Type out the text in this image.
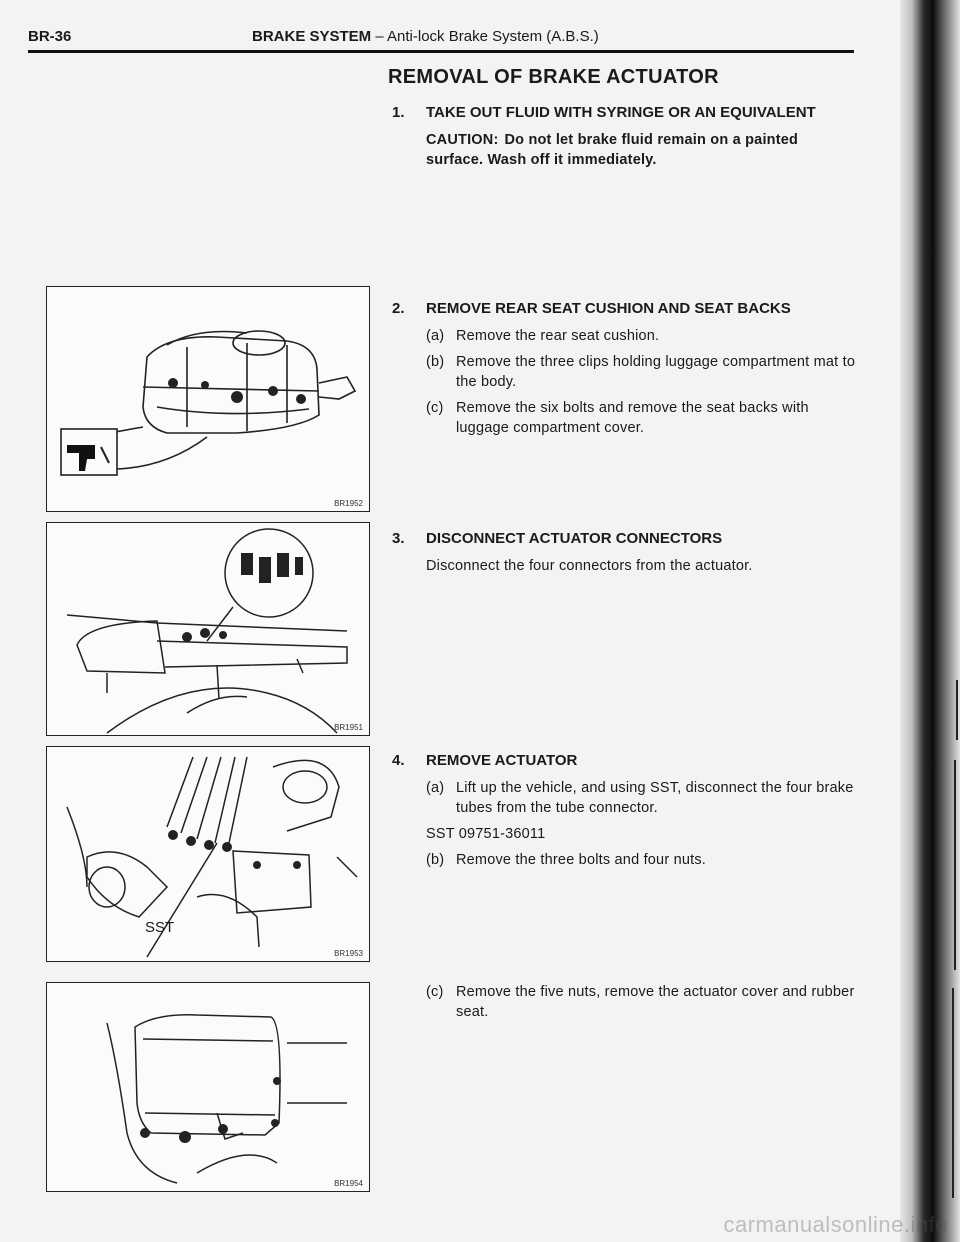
BR-36	BRAKE SYSTEM – Anti-lock Brake System (A.B.S.)
REMOVAL OF BRAKE ACTUATOR
1. TAKE OUT FLUID WITH SYRINGE OR AN EQUIVALENT
CAUTION: Do not let brake fluid remain on a painted surface. Wash off it immediately.
2. REMOVE REAR SEAT CUSHION AND SEAT BACKS
(a) Remove the rear seat cushion.
(b) Remove the three clips holding luggage compartment mat to the body.
(c) Remove the six bolts and remove the seat backs with luggage compartment cover.
3. DISCONNECT ACTUATOR CONNECTORS
Disconnect the four connectors from the actuator.
4. REMOVE ACTUATOR
(a) Lift up the vehicle, and using SST, disconnect the four brake tubes from the tube connector.
SST 09751-36011
(b) Remove the three bolts and four nuts.
(c) Remove the five nuts, remove the actuator cover and rubber seat.
BR1952
BR1951
SST
BR1953
BR1954
carmanualsonline.info
